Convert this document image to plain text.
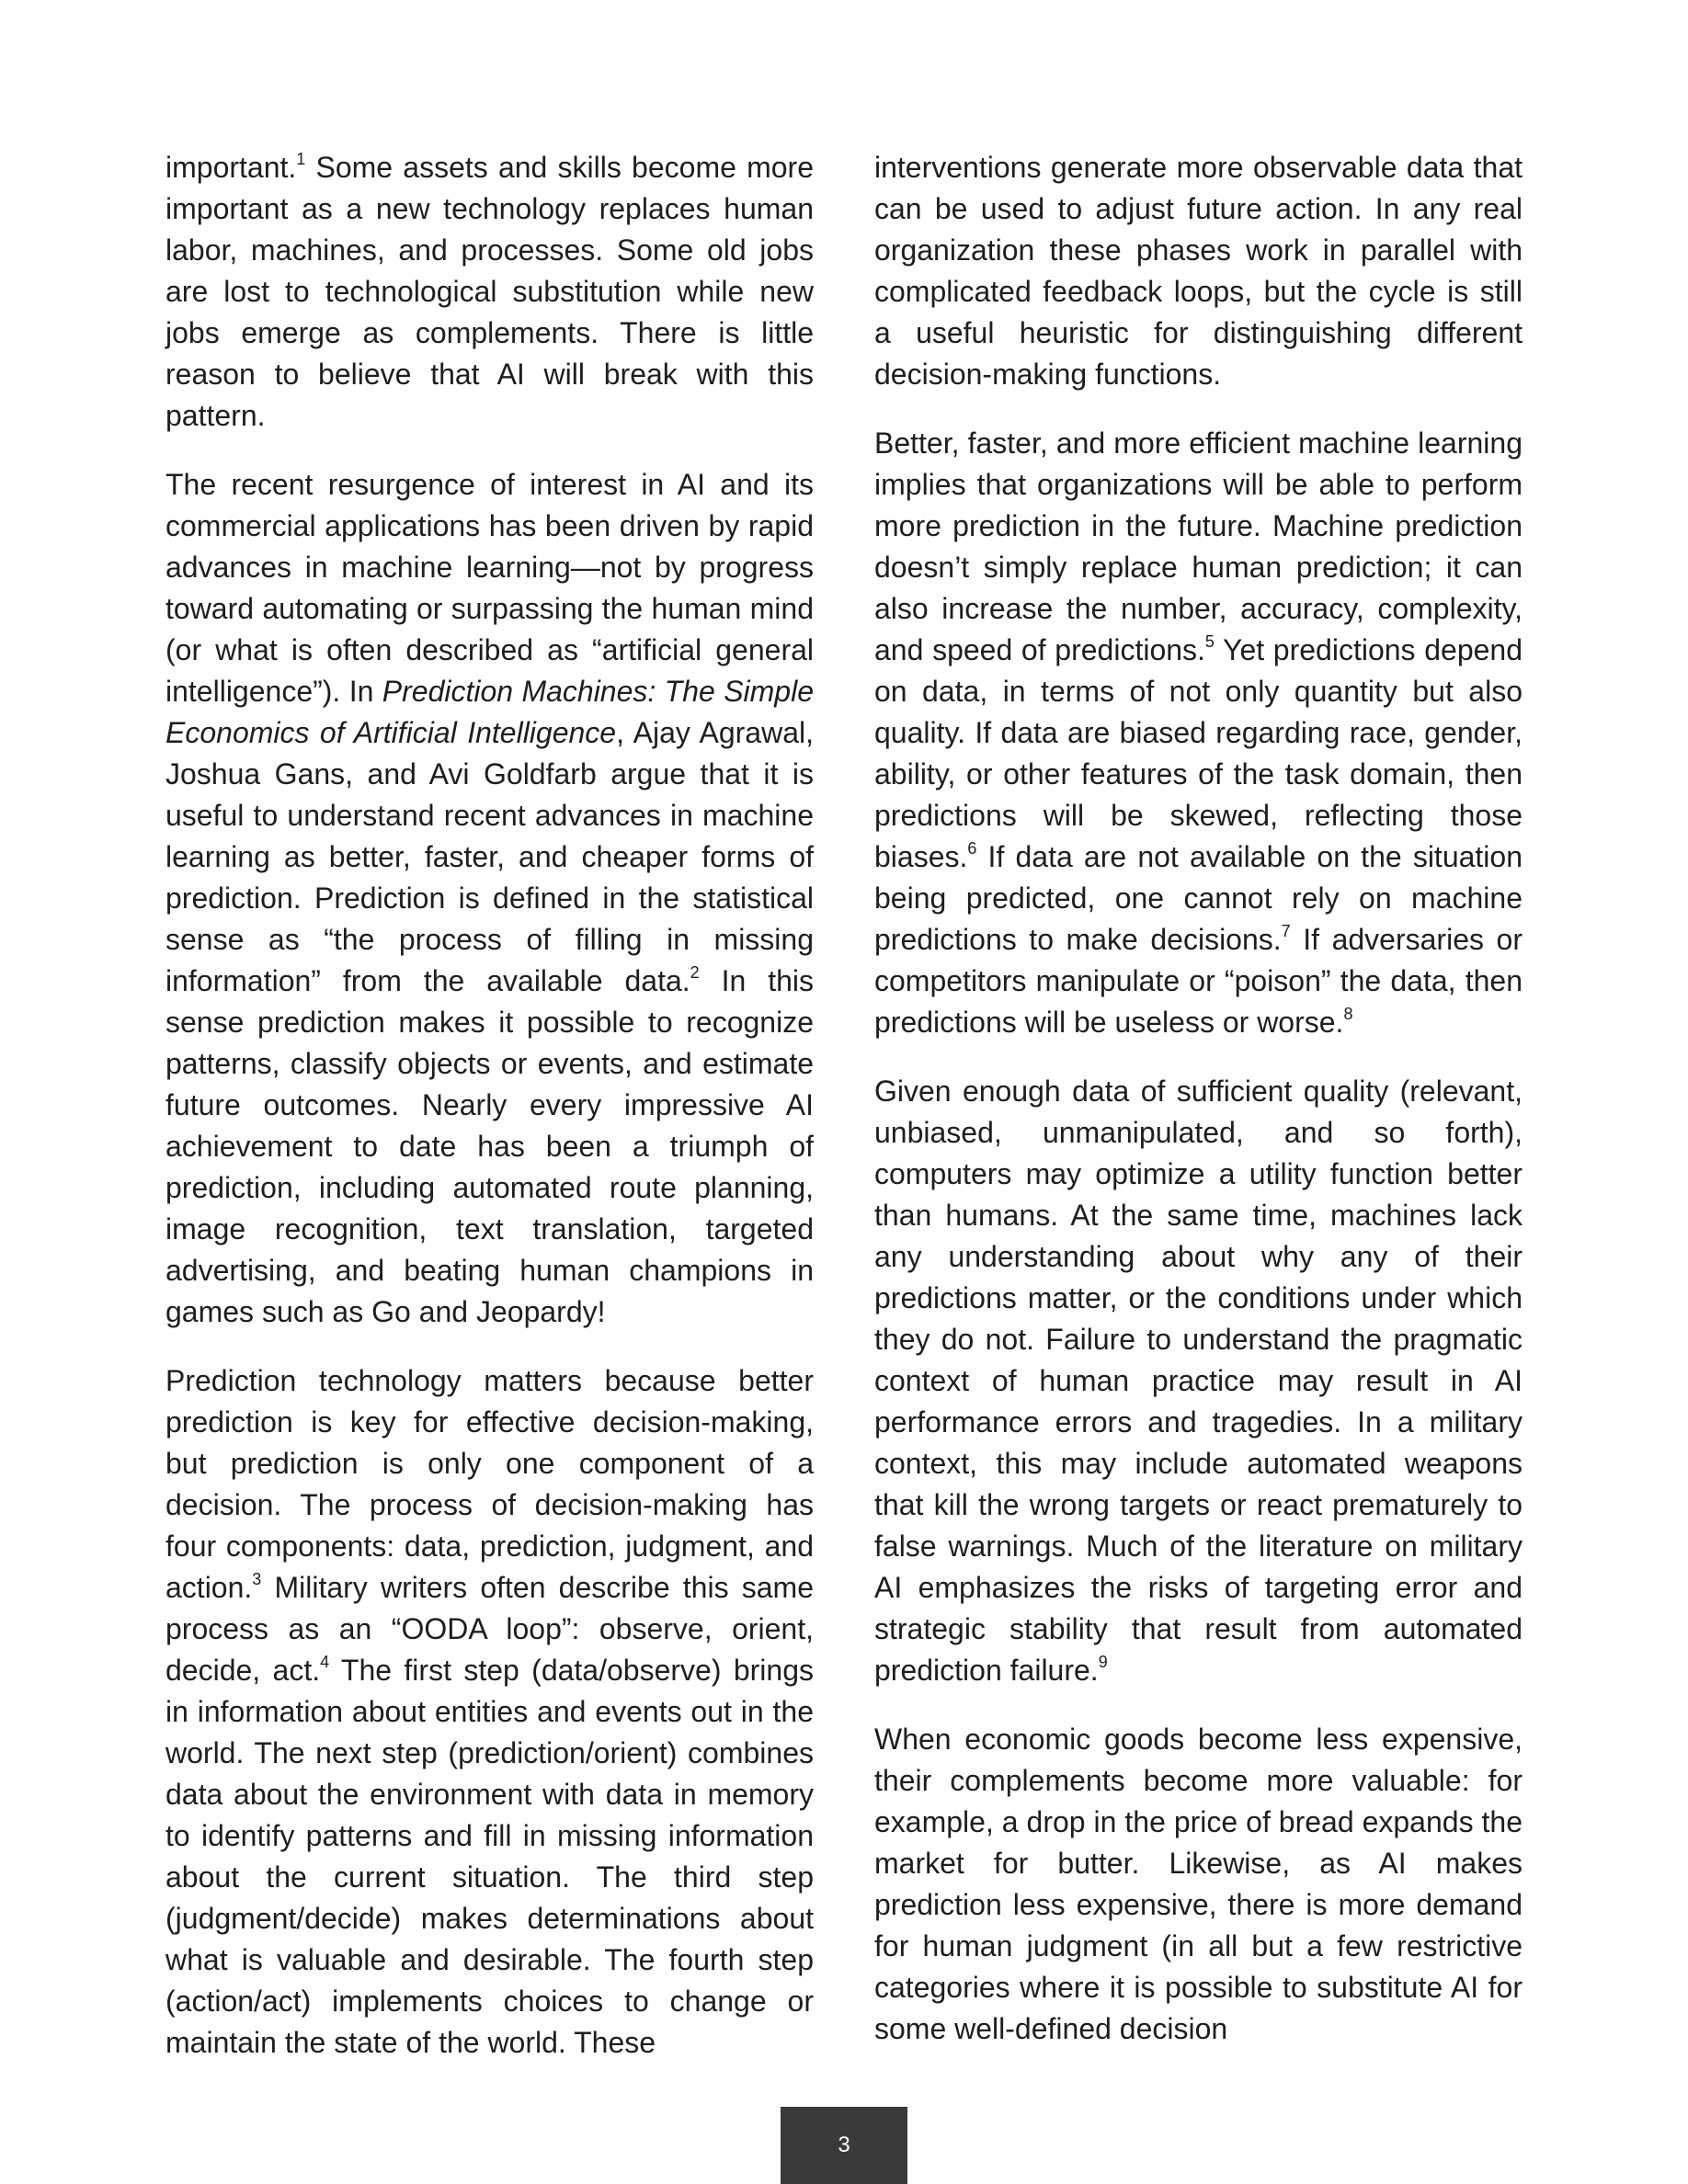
important.$^1$ Some assets and skills become more important as a new technology replaces human labor, machines, and processes. Some old jobs are lost to technological substitution while new jobs emerge as complements. There is little reason to believe that AI will break with this pattern.

The recent resurgence of interest in AI and its commercial applications has been driven by rapid advances in machine learning—not by progress toward automating or surpassing the human mind (or what is often described as “artificial general intelligence”). In Prediction Machines: The Simple Economics of Artificial Intelligence, Ajay Agrawal, Joshua Gans, and Avi Goldfarb argue that it is useful to understand recent advances in machine learning as better, faster, and cheaper forms of prediction. Prediction is defined in the statistical sense as “the process of filling in missing information” from the available data.$^2$ In this sense prediction makes it possible to recognize patterns, classify objects or events, and estimate future outcomes. Nearly every impressive AI achievement to date has been a triumph of prediction, including automated route planning, image recognition, text translation, targeted advertising, and beating human champions in games such as Go and Jeopardy!

Prediction technology matters because better prediction is key for effective decision-making, but prediction is only one component of a decision. The process of decision-making has four components: data, prediction, judgment, and action.$^3$ Military writers often describe this same process as an “OODA loop”: observe, orient, decide, act.$^4$ The first step (data/observe) brings in information about entities and events out in the world. The next step (prediction/orient) combines data about the environment with data in memory to identify patterns and fill in missing information about the current situation. The third step (judgment/decide) makes determinations about what is valuable and desirable. The fourth step (action/act) implements choices to change or maintain the state of the world. These

interventions generate more observable data that can be used to adjust future action. In any real organization these phases work in parallel with complicated feedback loops, but the cycle is still a useful heuristic for distinguishing different decision-making functions.

Better, faster, and more efficient machine learning implies that organizations will be able to perform more prediction in the future. Machine prediction doesn’t simply replace human prediction; it can also increase the number, accuracy, complexity, and speed of predictions.$^5$ Yet predictions depend on data, in terms of not only quantity but also quality. If data are biased regarding race, gender, ability, or other features of the task domain, then predictions will be skewed, reflecting those biases.$^6$ If data are not available on the situation being predicted, one cannot rely on machine predictions to make decisions.$^7$ If adversaries or competitors manipulate or “poison” the data, then predictions will be useless or worse.$^8$

Given enough data of sufficient quality (relevant, unbiased, unmanipulated, and so forth), computers may optimize a utility function better than humans. At the same time, machines lack any understanding about why any of their predictions matter, or the conditions under which they do not. Failure to understand the pragmatic context of human practice may result in AI performance errors and tragedies. In a military context, this may include automated weapons that kill the wrong targets or react prematurely to false warnings. Much of the literature on military AI emphasizes the risks of targeting error and strategic stability that result from automated prediction failure.$^9$

When economic goods become less expensive, their complements become more valuable: for example, a drop in the price of bread expands the market for butter. Likewise, as AI makes prediction less expensive, there is more demand for human judgment (in all but a few restrictive categories where it is possible to substitute AI for some well-defined decision

3
